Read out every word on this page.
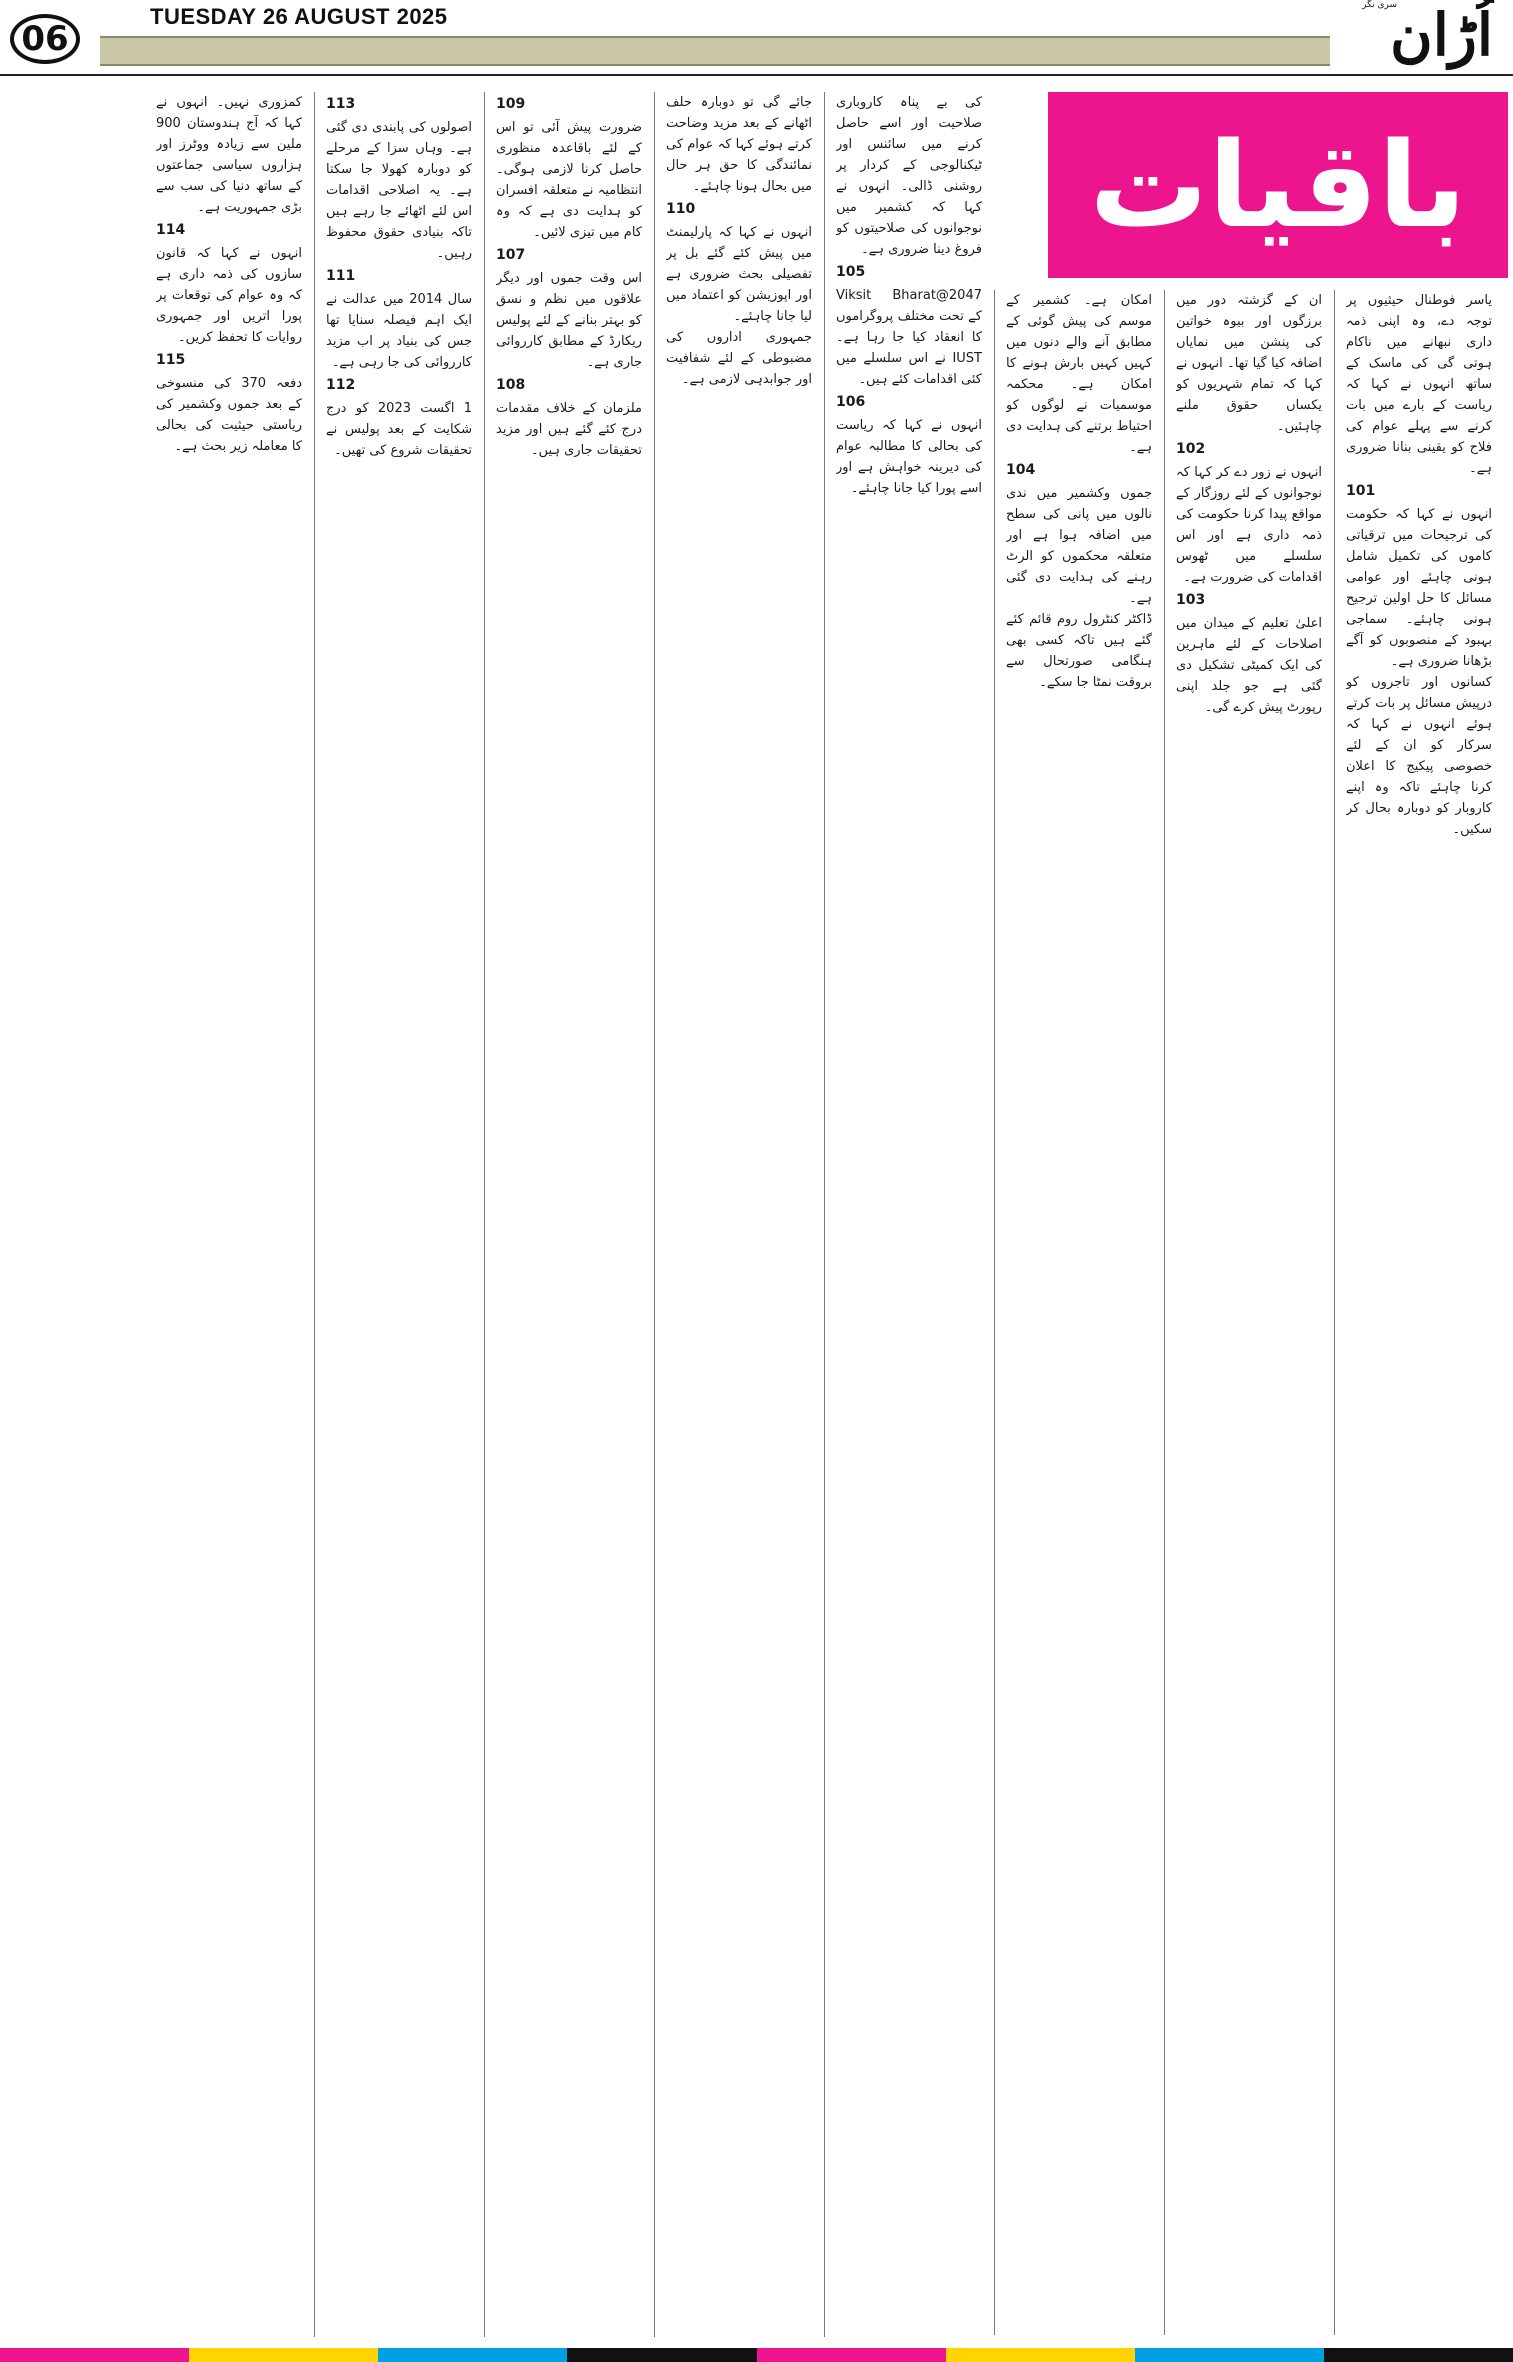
06
TUESDAY 26 AUGUST 2025	سری نگر
اُڑان
باقیات

یاسر فوطنال حیثیوں پر توجہ دے، وہ اپنی ذمہ داری نبھانے میں ناکام ہوتی گی کی ماسک کے ساتھ انہوں نے کہا کہ ریاست کے بارے میں بات کرنے سے پہلے عوام کی فلاح کو یقینی بنانا ضروری ہے۔

101

انہوں نے کہا کہ حکومت کی ترجیحات میں ترقیاتی کاموں کی تکمیل شامل ہونی چاہئے اور عوامی مسائل کا حل اولین ترجیح ہونی چاہئے۔ سماجی بہبود کے منصوبوں کو آگے بڑھانا ضروری ہے۔

کسانوں اور تاجروں کو درپیش مسائل پر بات کرتے ہوئے انہوں نے کہا کہ سرکار کو ان کے لئے خصوصی پیکیج کا اعلان کرنا چاہئے تاکہ وہ اپنے کاروبار کو دوبارہ بحال کر سکیں۔

ان کے گزشتہ دور میں برزگوں اور بیوہ خواتین کی پنشن میں نمایاں اضافہ کیا گیا تھا۔ انہوں نے کہا کہ تمام شہریوں کو یکساں حقوق ملنے چاہئیں۔

102

انہوں نے زور دے کر کہا کہ نوجوانوں کے لئے روزگار کے مواقع پیدا کرنا حکومت کی ذمہ داری ہے اور اس سلسلے میں ٹھوس اقدامات کی ضرورت ہے۔

103

اعلیٰ تعلیم کے میدان میں اصلاحات کے لئے ماہرین کی ایک کمیٹی تشکیل دی گئی ہے جو جلد اپنی رپورٹ پیش کرے گی۔

امکان ہے۔ کشمیر کے موسم کی پیش گوئی کے مطابق آنے والے دنوں میں کہیں کہیں بارش ہونے کا امکان ہے۔ محکمہ موسمیات نے لوگوں کو احتیاط برتنے کی ہدایت دی ہے۔

104

جموں وکشمیر میں ندی نالوں میں پانی کی سطح میں اضافہ ہوا ہے اور متعلقہ محکموں کو الرٹ رہنے کی ہدایت دی گئی ہے۔

ڈاکٹر کنٹرول روم قائم کئے گئے ہیں تاکہ کسی بھی ہنگامی صورتحال سے بروقت نمٹا جا سکے۔

کی بے پناہ کاروباری صلاحیت اور اسے حاصل کرنے میں سائنس اور ٹیکنالوجی کے کردار پر روشنی ڈالی۔ انہوں نے کہا کہ کشمیر میں نوجوانوں کی صلاحیتوں کو فروغ دینا ضروری ہے۔

105

Viksit Bharat@2047 کے تحت مختلف پروگراموں کا انعقاد کیا جا رہا ہے۔ IUST نے اس سلسلے میں کئی اقدامات کئے ہیں۔

106

انہوں نے کہا کہ ریاست کی بحالی کا مطالبہ عوام کی دیرینہ خواہش ہے اور اسے پورا کیا جانا چاہئے۔

جائے گی تو دوبارہ حلف اٹھانے کے بعد مزید وضاحت کرتے ہوئے کہا کہ عوام کی نمائندگی کا حق ہر حال میں بحال ہونا چاہئے۔

110

انہوں نے کہا کہ پارلیمنٹ میں پیش کئے گئے بل پر تفصیلی بحث ضروری ہے اور اپوزیشن کو اعتماد میں لیا جانا چاہئے۔

جمہوری اداروں کی مضبوطی کے لئے شفافیت اور جوابدہی لازمی ہے۔

109

ضرورت پیش آئی تو اس کے لئے باقاعدہ منظوری حاصل کرنا لازمی ہوگی۔ انتظامیہ نے متعلقہ افسران کو ہدایت دی ہے کہ وہ کام میں تیزی لائیں۔

107

اس وقت جموں اور دیگر علاقوں میں نظم و نسق کو بہتر بنانے کے لئے پولیس ریکارڈ کے مطابق کارروائی جاری ہے۔

108

ملزمان کے خلاف مقدمات درج کئے گئے ہیں اور مزید تحقیقات جاری ہیں۔

113

اصولوں کی پابندی دی گئی ہے۔ وہاں سزا کے مرحلے کو دوبارہ کھولا جا سکتا ہے۔ یہ اصلاحی اقدامات اس لئے اٹھائے جا رہے ہیں تاکہ بنیادی حقوق محفوظ رہیں۔

111

سال 2014 میں عدالت نے ایک اہم فیصلہ سنایا تھا جس کی بنیاد پر اب مزید کارروائی کی جا رہی ہے۔

112

1 اگست 2023 کو درج شکایت کے بعد پولیس نے تحقیقات شروع کی تھیں۔

کمزوری نہیں۔ انہوں نے کہا کہ آج ہندوستان 900 ملین سے زیادہ ووٹرز اور ہزاروں سیاسی جماعتوں کے ساتھ دنیا کی سب سے بڑی جمہوریت ہے۔

114

انہوں نے کہا کہ قانون سازوں کی ذمہ داری ہے کہ وہ عوام کی توقعات پر پورا اتریں اور جمہوری روایات کا تحفظ کریں۔

115

دفعہ 370 کی منسوخی کے بعد جموں وکشمیر کی ریاستی حیثیت کی بحالی کا معاملہ زیر بحث ہے۔
